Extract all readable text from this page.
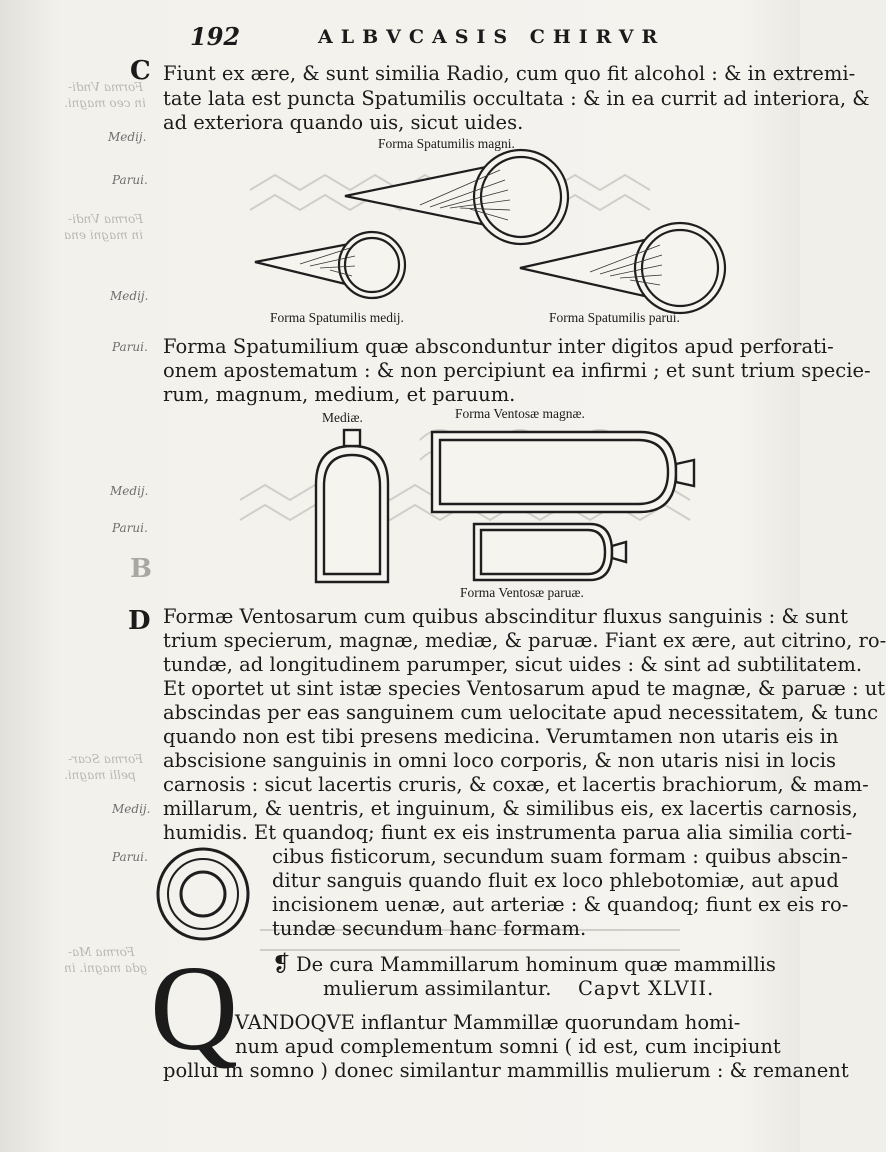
Forma Vndi-
in ceo magni.
Forma Vndi-
in magni ena
Forma Scar-
pelli magni.
Forma Ma-
gda magni. in
Medij.
Parui.
Medij.
Parui.
Medij.
Parui.
Medij.
Parui.
192	ALBVCASIS CHIRVR
C Fiunt ex ære, & sunt similia Radio, cum quo fit alcohol : & in extremi-
tate lata est puncta Spatumilis occultata : & in ea currit ad interiora, &
ad exteriora quando uis, sicut uides.
Forma Spatumilis magni.
Forma Spatumilis medij.	Forma Spatumilis parui.
Forma Spatumilium quæ absconduntur inter digitos apud perforati-
onem apostematum : & non percipiunt ea infirmi ; et sunt trium specie-
rum, magnum, medium, et paruum.
Mediæ.	Forma Ventosæ magnæ.
Forma Ventosæ paruæ.
B
D Formæ Ventosarum cum quibus abscinditur fluxus sanguinis : & sunt
trium specierum, magnæ, mediæ, & paruæ. Fiant ex ære, aut citrino, ro-
tundæ, ad longitudinem parumper, sicut uides : & sint ad subtilitatem.
Et oportet ut sint istæ species Ventosarum apud te magnæ, & paruæ : ut
abscindas per eas sanguinem cum uelocitate apud necessitatem, & tunc
quando non est tibi presens medicina. Verumtamen non utaris eis in
abscisione sanguinis in omni loco corporis, & non utaris nisi in locis
carnosis : sicut lacertis cruris, & coxæ, et lacertis brachiorum, & mam-
millarum, & uentris, et inguinum, & similibus eis, ex lacertis carnosis,
humidis. Et quandoq; fiunt ex eis instrumenta parua alia similia corti-
cibus fisticorum, secundum suam formam : quibus abscin-
ditur sanguis quando fluit ex loco phlebotomiæ, aut apud
incisionem uenæ, aut arteriæ : & quandoq; fiunt ex eis ro-
tundæ secundum hanc formam.
❡ De cura Mammillarum hominum quæ mammillis
mulierum assimilantur. Capvt XLVII.
Q
VANDOQVE inflantur Mammillæ quorundam homi-
num apud complementum somni ( id est, cum incipiunt
pollui in somno ) donec similantur mammillis mulierum : & remanent
